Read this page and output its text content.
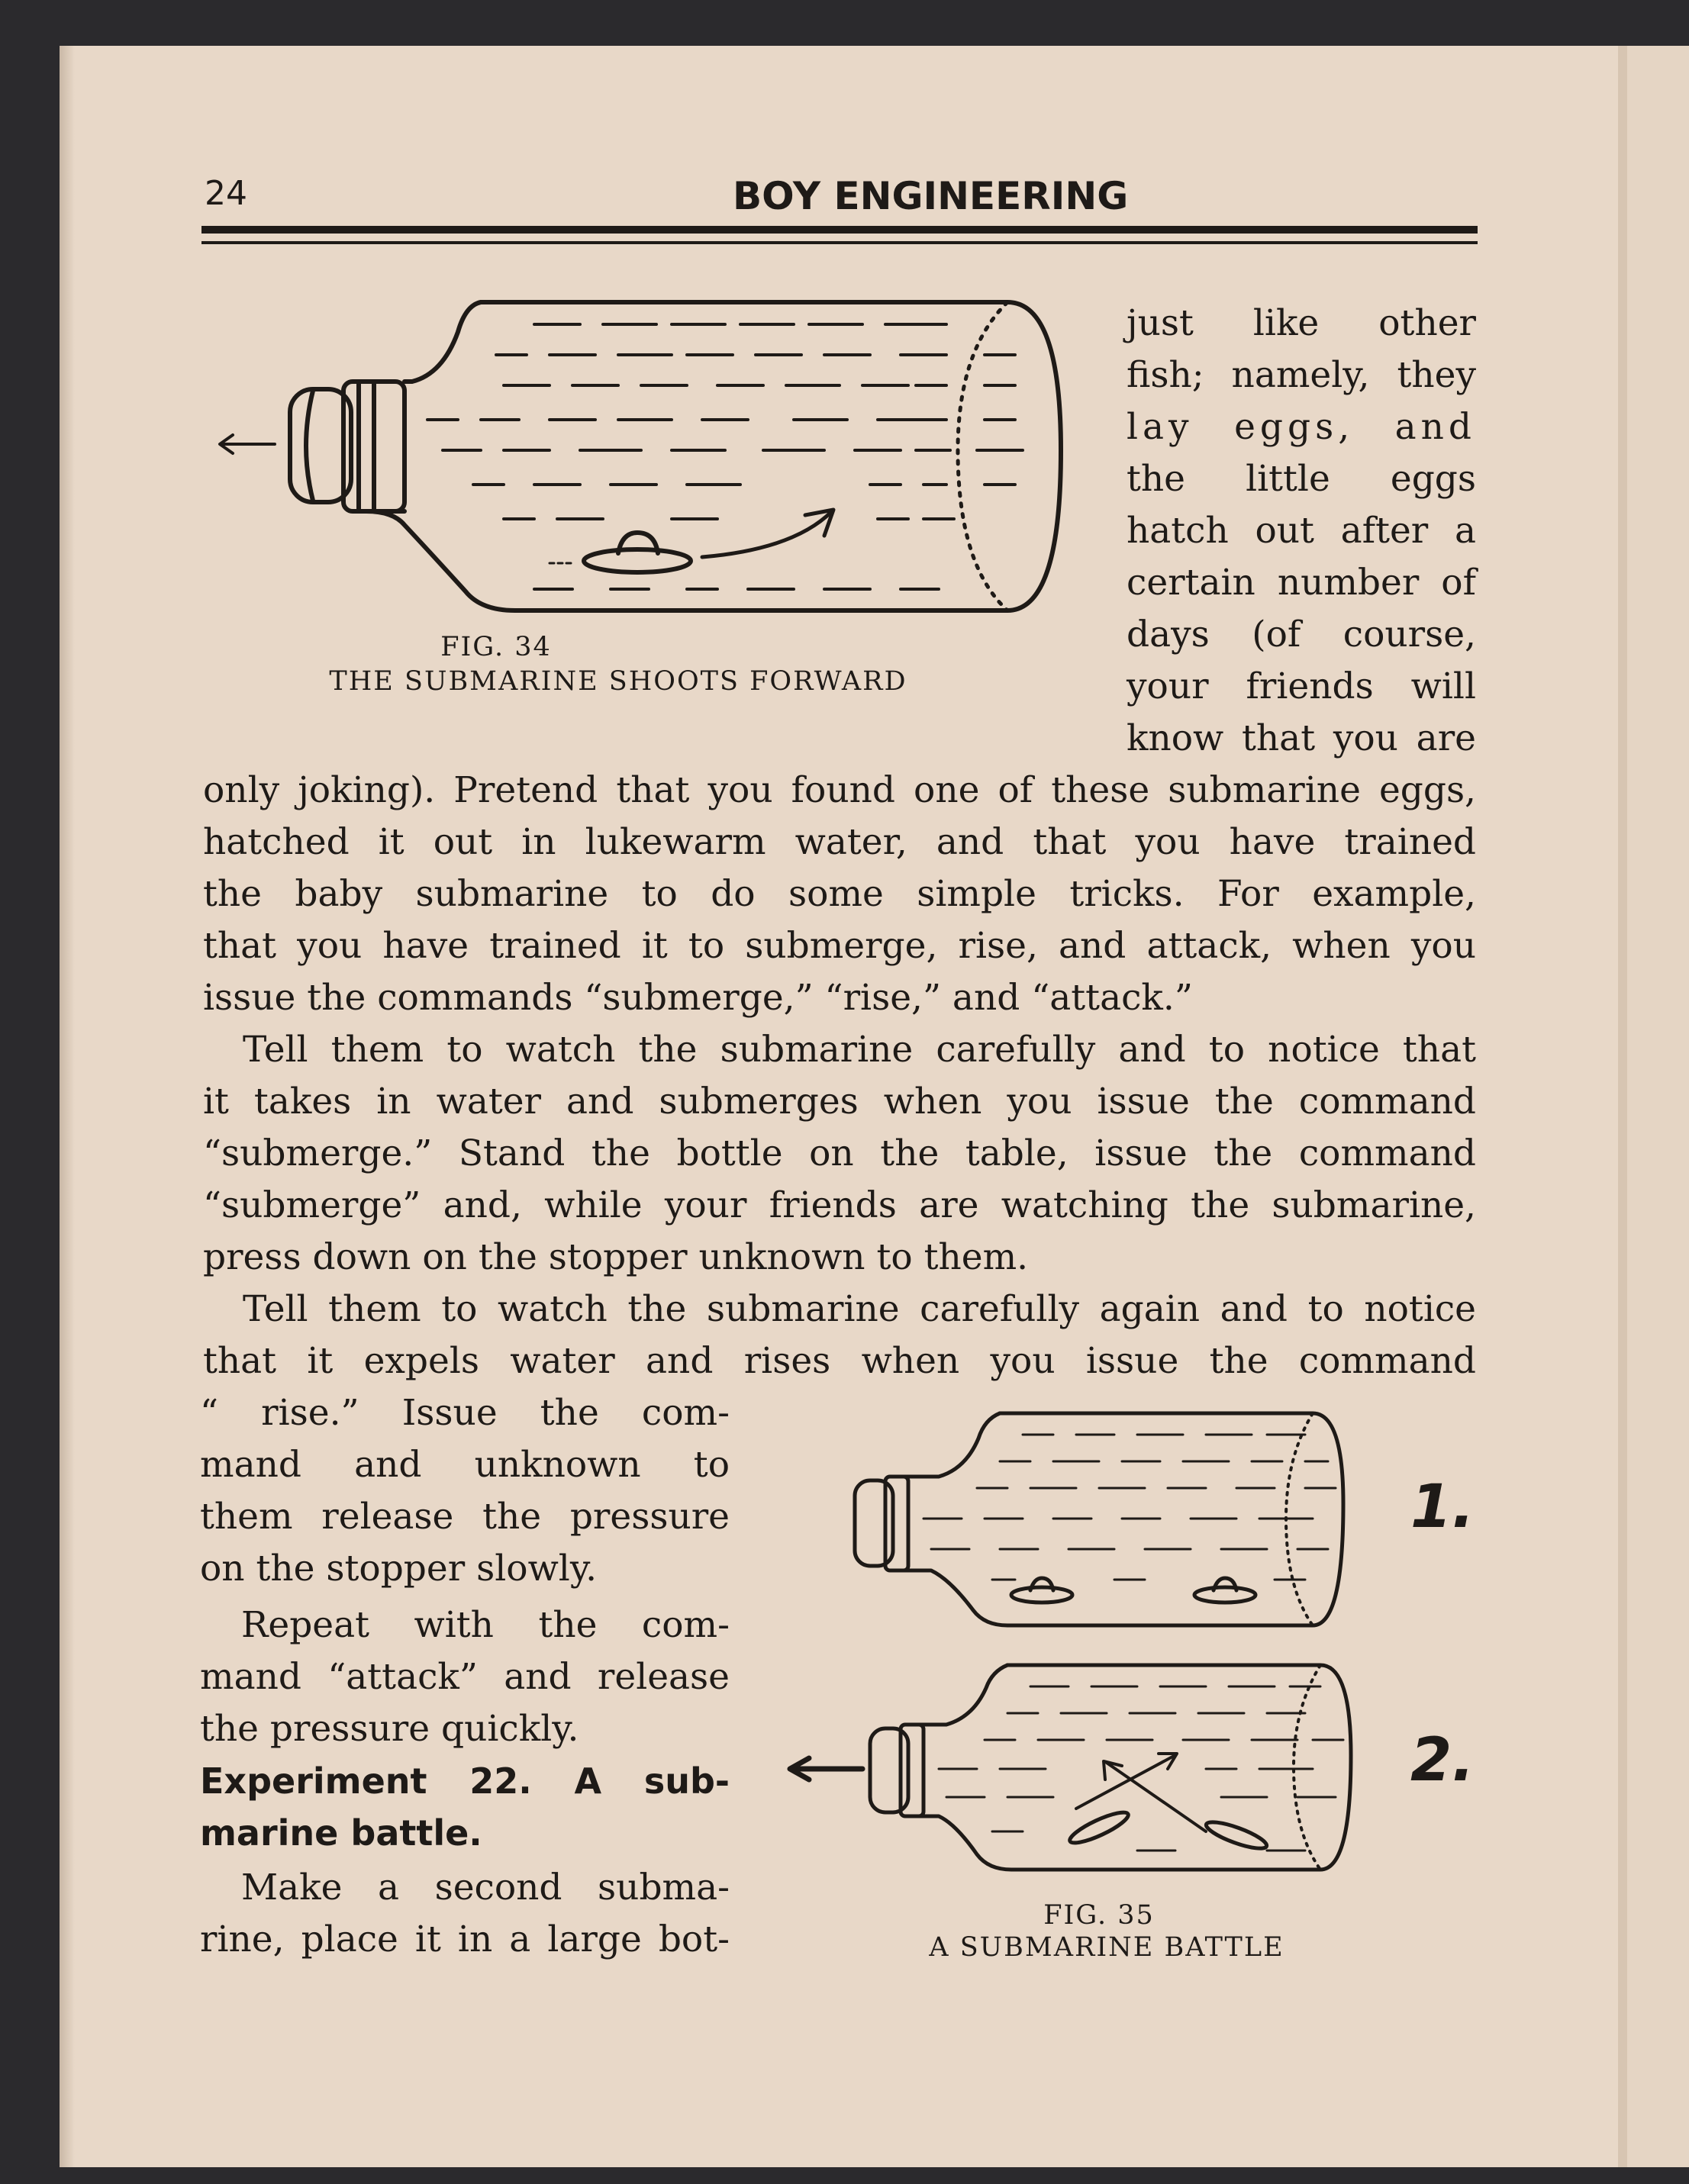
24	BOY ENGINEERING
FIG. 34
THE SUBMARINE SHOOTS FORWARD
just like other
fish; namely, they
lay eggs, and
the little eggs
hatch out after a
certain number of
days (of course,
your friends will
know that you are
only joking). Pretend that you found one of these submarine eggs,
hatched it out in lukewarm water, and that you have trained
the baby submarine to do some simple tricks. For example,
that you have trained it to submerge, rise, and attack, when you
issue the commands “submerge,” “rise,” and “attack.”
Tell them to watch the submarine carefully and to notice that
it takes in water and submerges when you issue the command
“submerge.” Stand the bottle on the table, issue the command
“submerge” and, while your friends are watching the submarine,
press down on the stopper unknown to them.
Tell them to watch the submarine carefully again and to notice
that it expels water and rises when you issue the command
“ rise.” Issue the com-
mand and unknown to
them release the pressure
on the stopper slowly.
Repeat with the com-
mand “attack” and release
the pressure quickly.
Experiment 22. A sub-
marine battle.
Make a second subma-
rine, place it in a large bot-
1.
2.
FIG. 35
A SUBMARINE BATTLE
